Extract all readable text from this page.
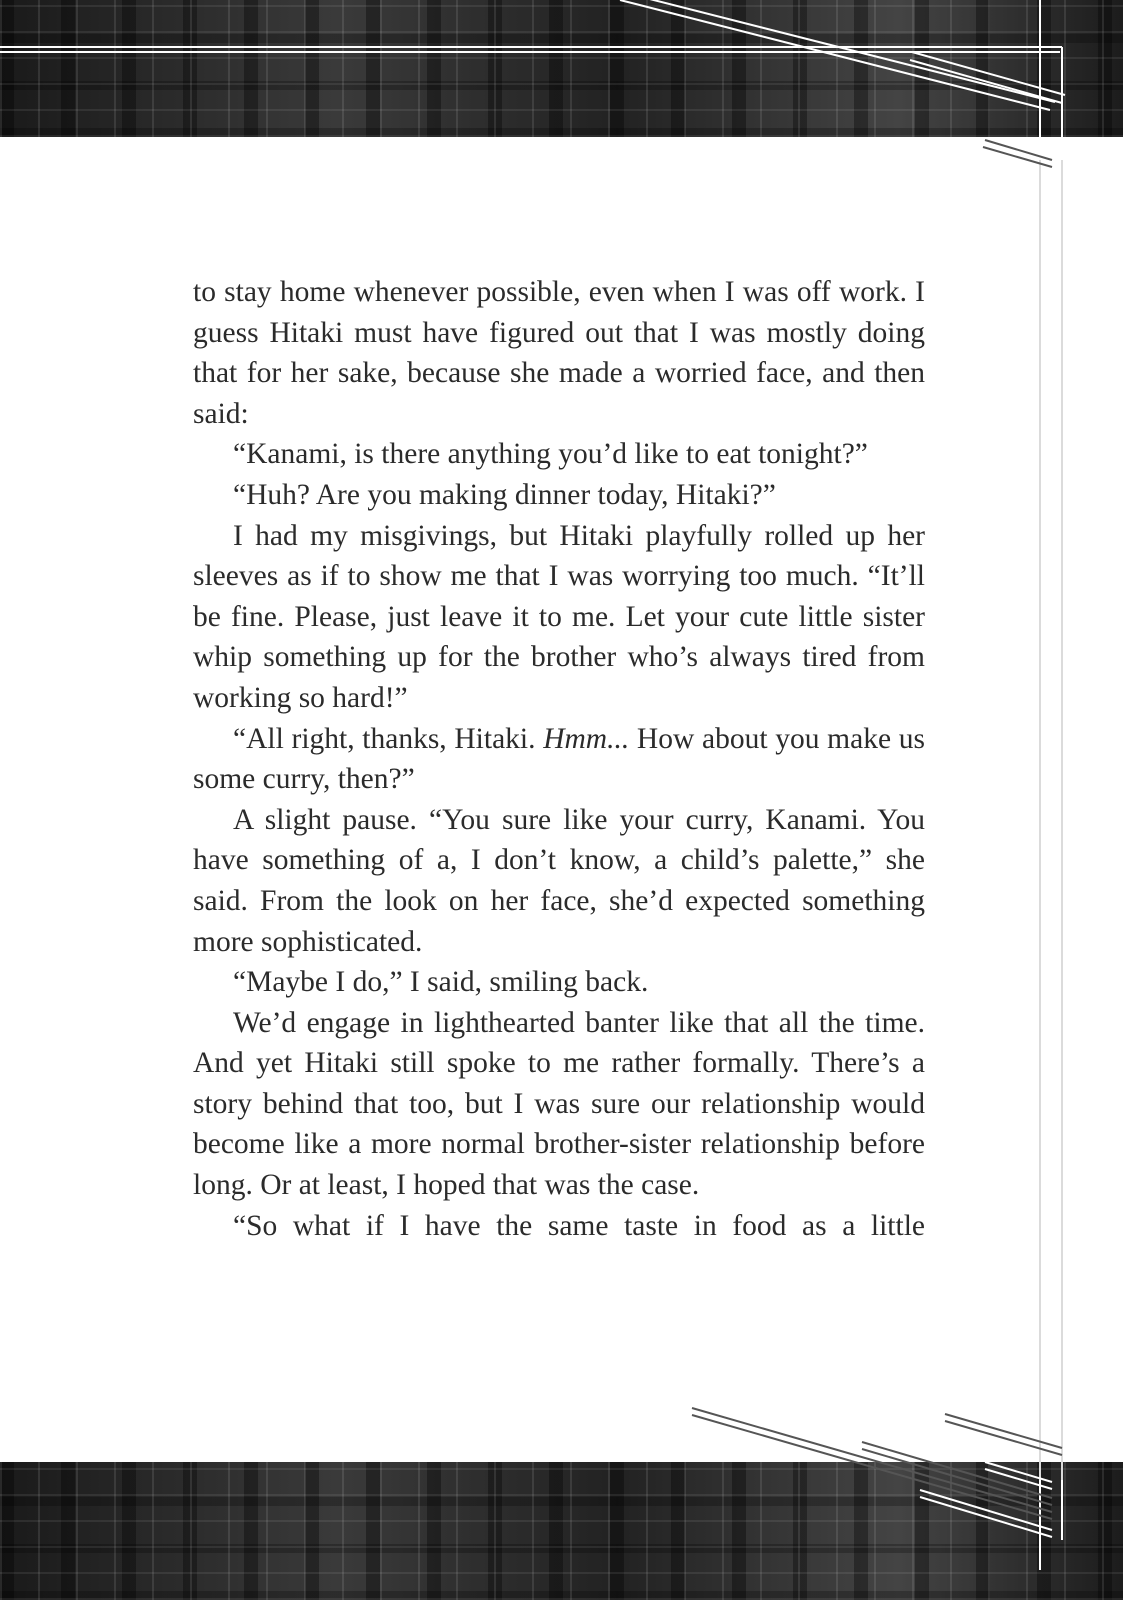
to stay home whenever possible, even when I was off work. I guess Hitaki must have figured out that I was mostly doing that for her sake, because she made a worried face, and then said:

“Kanami, is there anything you’d like to eat tonight?”

“Huh? Are you making dinner today, Hitaki?”

I had my misgivings, but Hitaki playfully rolled up her sleeves as if to show me that I was worrying too much. “It’ll be fine. Please, just leave it to me. Let your cute little sister whip something up for the brother who’s always tired from working so hard!”

“All right, thanks, Hitaki. Hmm... How about you make us some curry, then?”

A slight pause. “You sure like your curry, Kanami. You have something of a, I don’t know, a child’s palette,” she said. From the look on her face, she’d expected something more sophisticated.

“Maybe I do,” I said, smiling back.

We’d engage in lighthearted banter like that all the time. And yet Hitaki still spoke to me rather formally. There’s a story behind that too, but I was sure our relationship would become like a more normal brother-sister relationship before long. Or at least, I hoped that was the case.

“So what if I have the same taste in food as a little
